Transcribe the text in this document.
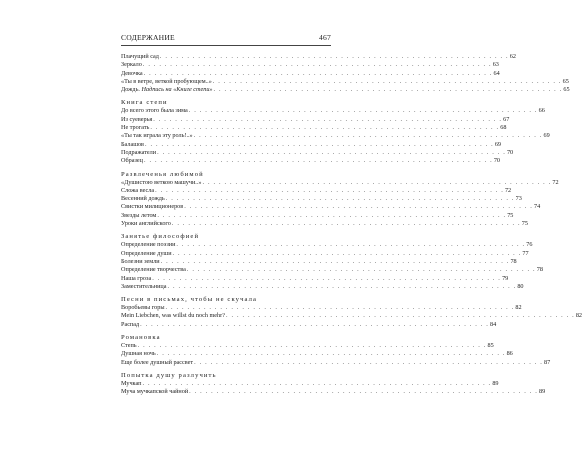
СОДЕРЖАНИЕ	467
Плачущий сад . . . . . . . . . . . . . . . . . . . . . . . . . . . . . . . . . . . . . . . . . . . . . . . . . . . . . . . . . . . . . . . . 62
Зеркало . . . . . . . . . . . . . . . . . . . . . . . . . . . . . . . . . . . . . . . . . . . . . . . . . . . . . . . . . . . . . . . . 63
Девочка . . . . . . . . . . . . . . . . . . . . . . . . . . . . . . . . . . . . . . . . . . . . . . . . . . . . . . . . . . . . . . . . 64
«Ты в ветре, веткой пробующем..» . . . . . . . . . . . . . . . . . . . . . . . . . . . . . . . . . . . . . . . . . . . . . . . . . . . . . . . . . . . . . . . . 65
Дождь. Надпись на «Книге степи» . . . . . . . . . . . . . . . . . . . . . . . . . . . . . . . . . . . . . . . . . . . . . . . . . . . . . . . . . . . . . . . . 65
Книга степи
До всего этого была зима . . . . . . . . . . . . . . . . . . . . . . . . . . . . . . . . . . . . . . . . . . . . . . . . . . . . . . . . . . . . . . . . 66
Из суеверья . . . . . . . . . . . . . . . . . . . . . . . . . . . . . . . . . . . . . . . . . . . . . . . . . . . . . . . . . . . . . . . . 67
Не трогать . . . . . . . . . . . . . . . . . . . . . . . . . . . . . . . . . . . . . . . . . . . . . . . . . . . . . . . . . . . . . . . . 68
«Ты так играла эту роль!..» . . . . . . . . . . . . . . . . . . . . . . . . . . . . . . . . . . . . . . . . . . . . . . . . . . . . . . . . . . . . . . . . 69
Балашов . . . . . . . . . . . . . . . . . . . . . . . . . . . . . . . . . . . . . . . . . . . . . . . . . . . . . . . . . . . . . . . . 69
Подражатели . . . . . . . . . . . . . . . . . . . . . . . . . . . . . . . . . . . . . . . . . . . . . . . . . . . . . . . . . . . . . . . . 70
Образец . . . . . . . . . . . . . . . . . . . . . . . . . . . . . . . . . . . . . . . . . . . . . . . . . . . . . . . . . . . . . . . . 70
Развлеченья любимой
«Душистою веткою машучи..» . . . . . . . . . . . . . . . . . . . . . . . . . . . . . . . . . . . . . . . . . . . . . . . . . . . . . . . . . . . . . . . . 72
Сложа весла . . . . . . . . . . . . . . . . . . . . . . . . . . . . . . . . . . . . . . . . . . . . . . . . . . . . . . . . . . . . . . . . 72
Весенний дождь . . . . . . . . . . . . . . . . . . . . . . . . . . . . . . . . . . . . . . . . . . . . . . . . . . . . . . . . . . . . . . . . 73
Свистки милиционеров . . . . . . . . . . . . . . . . . . . . . . . . . . . . . . . . . . . . . . . . . . . . . . . . . . . . . . . . . . . . . . . . 74
Звезды летом . . . . . . . . . . . . . . . . . . . . . . . . . . . . . . . . . . . . . . . . . . . . . . . . . . . . . . . . . . . . . . . . 75
Уроки английского . . . . . . . . . . . . . . . . . . . . . . . . . . . . . . . . . . . . . . . . . . . . . . . . . . . . . . . . . . . . . . . . 75
Занятье философией
Определение поэзии . . . . . . . . . . . . . . . . . . . . . . . . . . . . . . . . . . . . . . . . . . . . . . . . . . . . . . . . . . . . . . . . 76
Определение души . . . . . . . . . . . . . . . . . . . . . . . . . . . . . . . . . . . . . . . . . . . . . . . . . . . . . . . . . . . . . . . . 77
Болезни земли . . . . . . . . . . . . . . . . . . . . . . . . . . . . . . . . . . . . . . . . . . . . . . . . . . . . . . . . . . . . . . . . 78
Определение творчества . . . . . . . . . . . . . . . . . . . . . . . . . . . . . . . . . . . . . . . . . . . . . . . . . . . . . . . . . . . . . . . . 78
Наша гроза . . . . . . . . . . . . . . . . . . . . . . . . . . . . . . . . . . . . . . . . . . . . . . . . . . . . . . . . . . . . . . . . 79
Заместительница . . . . . . . . . . . . . . . . . . . . . . . . . . . . . . . . . . . . . . . . . . . . . . . . . . . . . . . . . . . . . . . . 80
Песни в письмах, чтобы не скучала
Воробьевы горы . . . . . . . . . . . . . . . . . . . . . . . . . . . . . . . . . . . . . . . . . . . . . . . . . . . . . . . . . . . . . . . . 82
Mein Liebchen, was willst du noch mehr? . . . . . . . . . . . . . . . . . . . . . . . . . . . . . . . . . . . . . . . . . . . . . . . . . . . . . . . . . . . . . . . . 82
Распад . . . . . . . . . . . . . . . . . . . . . . . . . . . . . . . . . . . . . . . . . . . . . . . . . . . . . . . . . . . . . . . . 84
Романовка
Степь . . . . . . . . . . . . . . . . . . . . . . . . . . . . . . . . . . . . . . . . . . . . . . . . . . . . . . . . . . . . . . . . 85
Душная ночь . . . . . . . . . . . . . . . . . . . . . . . . . . . . . . . . . . . . . . . . . . . . . . . . . . . . . . . . . . . . . . . . 86
Еще более душный рассвет . . . . . . . . . . . . . . . . . . . . . . . . . . . . . . . . . . . . . . . . . . . . . . . . . . . . . . . . . . . . . . . . 87
Попытка душу разлучить
Мучкап . . . . . . . . . . . . . . . . . . . . . . . . . . . . . . . . . . . . . . . . . . . . . . . . . . . . . . . . . . . . . . . . 89
Муча мучкапской чайной . . . . . . . . . . . . . . . . . . . . . . . . . . . . . . . . . . . . . . . . . . . . . . . . . . . . . . . . . . . . . . . . 89
